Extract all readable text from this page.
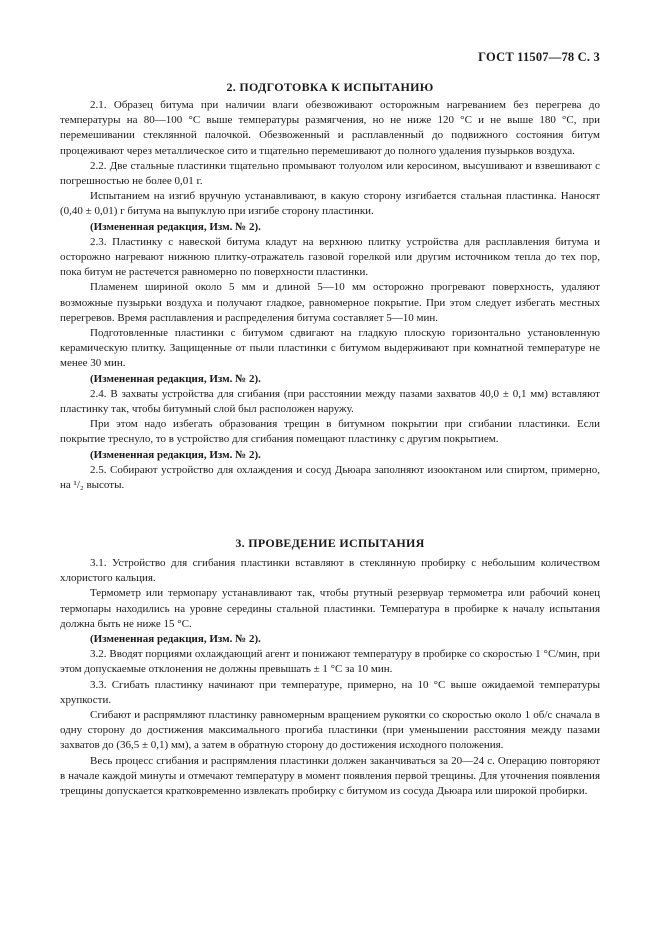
ГОСТ 11507—78 С. 3
2. ПОДГОТОВКА К ИСПЫТАНИЮ

2.1. Образец битума при наличии влаги обезвоживают осторожным нагреванием без перегрева до температуры на 80—100 °С выше температуры размягчения, но не ниже 120 °С и не выше 180 °С, при перемешивании стеклянной палочкой. Обезвоженный и расплавленный до подвижного состояния битум процеживают через металлическое сито и тщательно перемешивают до полного удаления пузырьков воздуха.

2.2. Две стальные пластинки тщательно промывают толуолом или керосином, высушивают и взвешивают с погрешностью не более 0,01 г.

Испытанием на изгиб вручную устанавливают, в какую сторону изгибается стальная пластинка. Наносят (0,40 ± 0,01) г битума на выпуклую при изгибе сторону пластинки.

(Измененная редакция, Изм. № 2).

2.3. Пластинку с навеской битума кладут на верхнюю плитку устройства для расплавления битума и осторожно нагревают нижнюю плитку-отражатель газовой горелкой или другим источником тепла до тех пор, пока битум не растечется равномерно по поверхности пластинки.

Пламенем шириной около 5 мм и длиной 5—10 мм осторожно прогревают поверхность, удаляют возможные пузырьки воздуха и получают гладкое, равномерное покрытие. При этом следует избегать местных перегревов. Время расплавления и распределения битума составляет 5—10 мин.

Подготовленные пластинки с битумом сдвигают на гладкую плоскую горизонтально установленную керамическую плитку. Защищенные от пыли пластинки с битумом выдерживают при комнатной температуре не менее 30 мин.

(Измененная редакция, Изм. № 2).

2.4. В захваты устройства для сгибания (при расстоянии между пазами захватов 40,0 ± 0,1 мм) вставляют пластинку так, чтобы битумный слой был расположен наружу.

При этом надо избегать образования трещин в битумном покрытии при сгибании пластинки. Если покрытие треснуло, то в устройство для сгибания помещают пластинку с другим покрытием.

(Измененная редакция, Изм. № 2).

2.5. Собирают устройство для охлаждения и сосуд Дьюара заполняют изооктаном или спиртом, примерно, на ¹/₂ высоты.

3. ПРОВЕДЕНИЕ ИСПЫТАНИЯ

3.1. Устройство для сгибания пластинки вставляют в стеклянную пробирку с небольшим количеством хлористого кальция.

Термометр или термопару устанавливают так, чтобы ртутный резервуар термометра или рабочий конец термопары находились на уровне середины стальной пластинки. Температура в пробирке к началу испытания должна быть не ниже 15 °С.

(Измененная редакция, Изм. № 2).

3.2. Вводят порциями охлаждающий агент и понижают температуру в пробирке со скоростью 1 °С/мин, при этом допускаемые отклонения не должны превышать ± 1 °С за 10 мин.

3.3. Сгибать пластинку начинают при температуре, примерно, на 10 °С выше ожидаемой температуры хрупкости.

Сгибают и распрямляют пластинку равномерным вращением рукоятки со скоростью около 1 об/с сначала в одну сторону до достижения максимального прогиба пластинки (при уменьшении расстояния между пазами захватов до (36,5 ± 0,1) мм), а затем в обратную сторону до достижения исходного положения.

Весь процесс сгибания и распрямления пластинки должен заканчиваться за 20—24 с. Операцию повторяют в начале каждой минуты и отмечают температуру в момент появления первой трещины. Для уточнения появления трещины допускается кратковременно извлекать пробирку с битумом из сосуда Дьюара или широкой пробирки.
